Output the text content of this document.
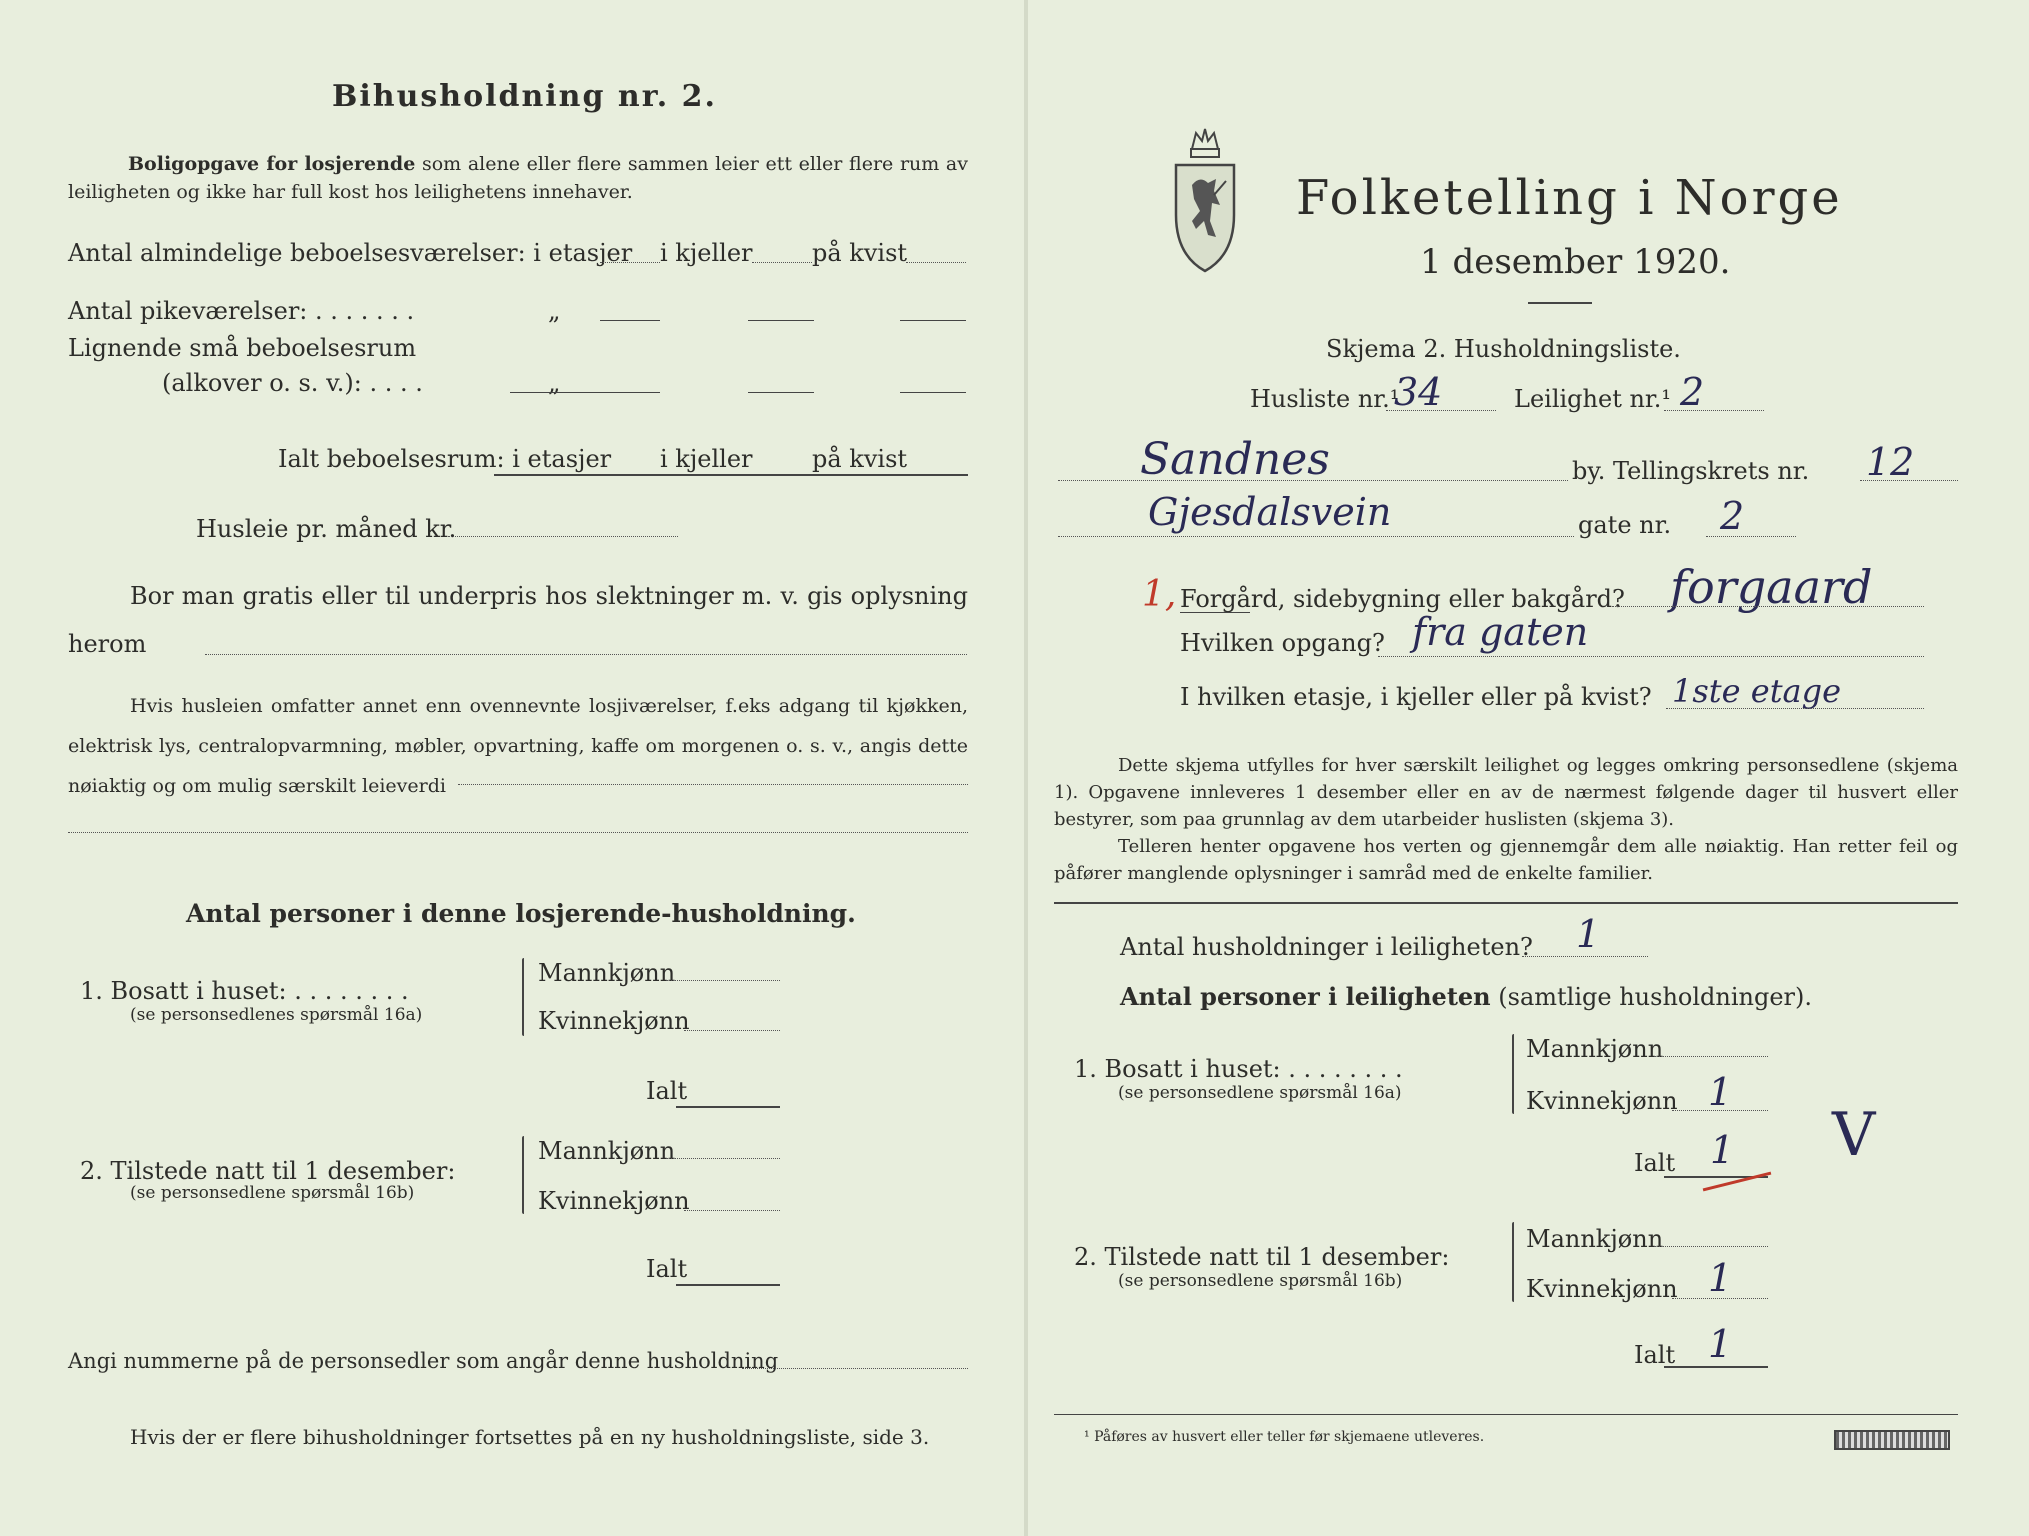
Bihusholdning nr. 2.
Boligopgave for losjerende som alene eller flere sammen leier ett eller flere rum av leiligheten og ikke har full kost hos leilighetens innehaver.
Antal almindelige beboelsesværelser: i etasjer i kjeller på kvist
Antal pikeværelser: . . . . . . .	„
Lignende små beboelsesrum
(alkover o. s. v.): . . . .	„
Ialt beboelsesrum: i etasjer i kjeller på kvist
Husleie pr. måned kr.
Bor man gratis eller til underpris hos slektninger m. v. gis oplysning herom
Hvis husleien omfatter annet enn ovennevnte losjiværelser, f.eks adgang til kjøkken, elektrisk lys, centralopvarmning, møbler, opvartning, kaffe om morgenen o. s. v., angis dette nøiaktig og om mulig særskilt leieverdi
Antal personer i denne losjerende-husholdning.
1. Bosatt i huset: . . . . . . . .
(se personsedlenes spørsmål 16a)
Mannkjønn
Kvinnekjønn
Ialt
2. Tilstede natt til 1 desember:
(se personsedlene spørsmål 16b)
Mannkjønn
Kvinnekjønn
Ialt
Angi nummerne på de personsedler som angår denne husholdning
Hvis der er flere bihusholdninger fortsettes på en ny husholdningsliste, side 3.
Folketelling i Norge
1 desember 1920.
Skjema 2. Husholdningsliste.
Husliste nr.¹
34	Leilighet nr.¹ 2
Sandnes	by. Tellingskrets nr. 12
Gjesdalsvein	gate nr. 2
1, Forgård, sidebygning eller bakgård? forgaard
Hvilken opgang? fra gaten
I hvilken etasje, i kjeller eller på kvist? 1ste etage
Dette skjema utfylles for hver særskilt leilighet og legges omkring personsedlene (skjema 1). Opgavene innleveres 1 desember eller en av de nærmest følgende dager til husvert eller bestyrer, som paa grunnlag av dem utarbeider huslisten (skjema 3).
Telleren henter opgavene hos verten og gjennemgår dem alle nøiaktig. Han retter feil og påfører manglende oplysninger i samråd med de enkelte familier.
Antal husholdninger i leiligheten? 1
Antal personer i leiligheten (samtlige husholdninger).
1. Bosatt i huset: . . . . . . . .
(se personsedlene spørsmål 16a)
Mannkjønn
Kvinnekjønn 1
Ialt 1 V
2. Tilstede natt til 1 desember:
(se personsedlene spørsmål 16b)
Mannkjønn
Kvinnekjønn 1
Ialt 1
¹ Påføres av husvert eller teller før skjemaene utleveres.
